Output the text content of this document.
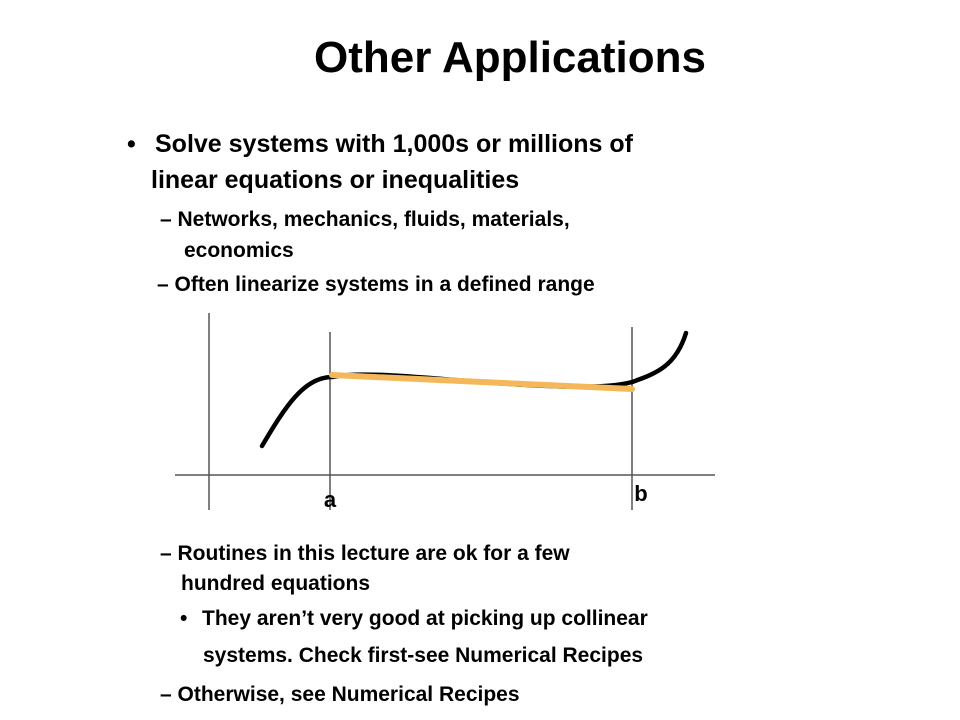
Other Applications
• Solve systems with 1,000s or millions of
linear equations or inequalities
– Networks, mechanics, fluids, materials,
economics
– Often linearize systems in a defined range
a	b
– Routines in this lecture are ok for a few
hundred equations
• They aren’t very good at picking up collinear
systems. Check first-see Numerical Recipes
– Otherwise, see Numerical Recipes
